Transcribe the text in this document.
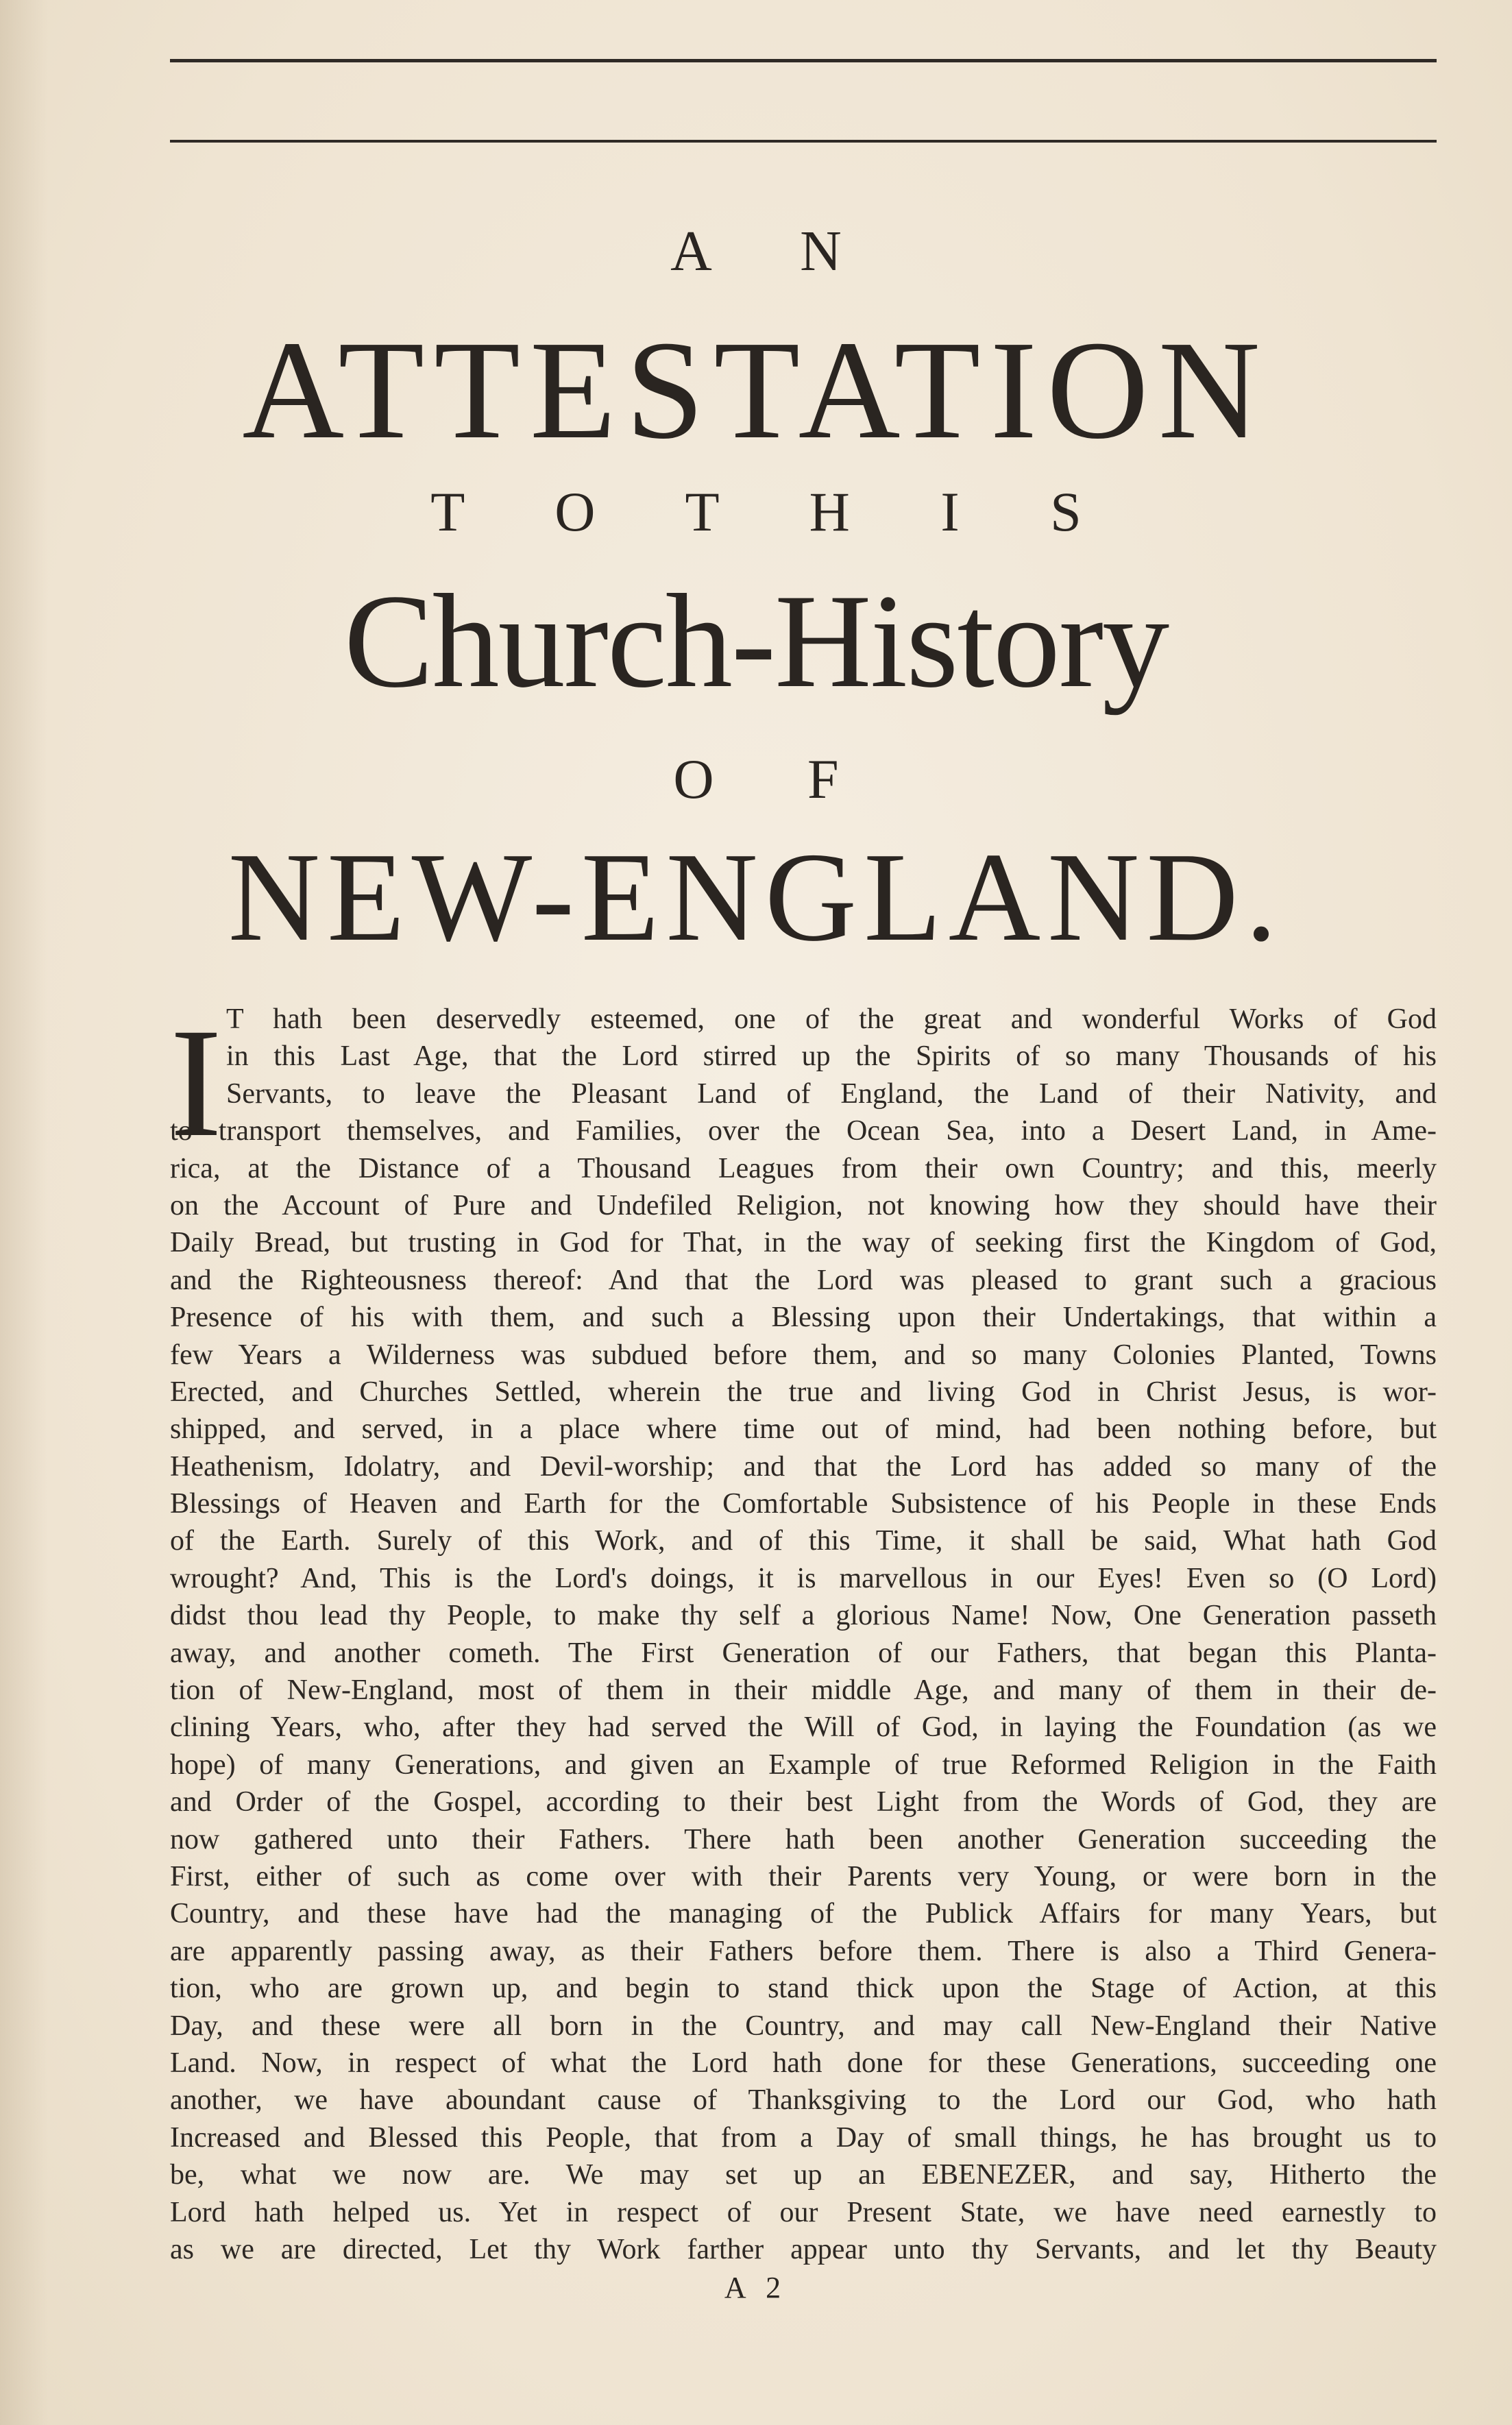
A N
ATTESTATION
T O T H I S
Church-History
O F
NEW-ENGLAND.
I T hath been deservedly esteemed, one of the great and wonderful Works of God
in this Last Age, that the Lord stirred up the Spirits of so many Thousands of his
Servants, to leave the Pleasant Land of England, the Land of their Nativity, and
to transport themselves, and Families, over the Ocean Sea, into a Desert Land, in Ame-
rica, at the Distance of a Thousand Leagues from their own Country; and this, meerly
on the Account of Pure and Undefiled Religion, not knowing how they should have their
Daily Bread, but trusting in God for That, in the way of seeking first the Kingdom of God,
and the Righteousness thereof: And that the Lord was pleased to grant such a gracious
Presence of his with them, and such a Blessing upon their Undertakings, that within a
few Years a Wilderness was subdued before them, and so many Colonies Planted, Towns
Erected, and Churches Settled, wherein the true and living God in Christ Jesus, is wor-
shipped, and served, in a place where time out of mind, had been nothing before, but
Heathenism, Idolatry, and Devil-worship; and that the Lord has added so many of the
Blessings of Heaven and Earth for the Comfortable Subsistence of his People in these Ends
of the Earth. Surely of this Work, and of this Time, it shall be said, What hath God
wrought? And, This is the Lord's doings, it is marvellous in our Eyes! Even so (O Lord)
didst thou lead thy People, to make thy self a glorious Name! Now, One Generation passeth
away, and another cometh. The First Generation of our Fathers, that began this Planta-
tion of New-England, most of them in their middle Age, and many of them in their de-
clining Years, who, after they had served the Will of God, in laying the Foundation (as we
hope) of many Generations, and given an Example of true Reformed Religion in the Faith
and Order of the Gospel, according to their best Light from the Words of God, they are
now gathered unto their Fathers. There hath been another Generation succeeding the
First, either of such as come over with their Parents very Young, or were born in the
Country, and these have had the managing of the Publick Affairs for many Years, but
are apparently passing away, as their Fathers before them. There is also a Third Genera-
tion, who are grown up, and begin to stand thick upon the Stage of Action, at this
Day, and these were all born in the Country, and may call New-England their Native
Land. Now, in respect of what the Lord hath done for these Generations, succeeding one
another, we have aboundant cause of Thanksgiving to the Lord our God, who hath
Increased and Blessed this People, that from a Day of small things, he has brought us to
be, what we now are. We may set up an EBENEZER, and say, Hitherto the
Lord hath helped us. Yet in respect of our Present State, we have need earnestly to
as we are directed, Let thy Work farther appear unto thy Servants, and let thy Beauty
A 2
